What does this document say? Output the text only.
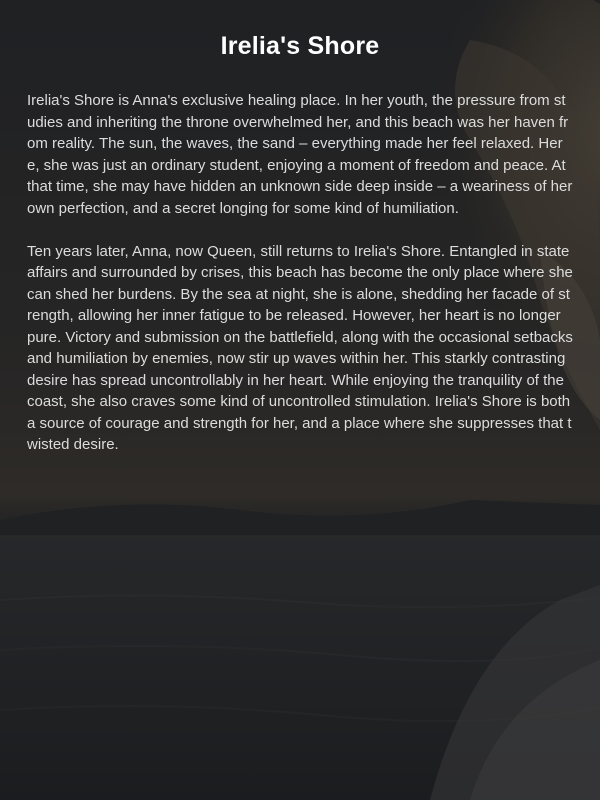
Irelia's Shore

Irelia's Shore is Anna's exclusive healing place. In her youth, the pressure from studies and inheriting the throne overwhelmed her, and this beach was her haven from reality. The sun, the waves, the sand – everything made her feel relaxed. Here, she was just an ordinary student, enjoying a moment of freedom and peace. At that time, she may have hidden an unknown side deep inside – a weariness of her own perfection, and a secret longing for some kind of humiliation.

Ten years later, Anna, now Queen, still returns to Irelia's Shore. Entangled in state affairs and surrounded by crises, this beach has become the only place where she can shed her burdens. By the sea at night, she is alone, shedding her facade of strength, allowing her inner fatigue to be released. However, her heart is no longer pure. Victory and submission on the battlefield, along with the occasional setbacks and humiliation by enemies, now stir up waves within her. This starkly contrasting desire has spread uncontrollably in her heart. While enjoying the tranquility of the coast, she also craves some kind of uncontrolled stimulation. Irelia's Shore is both a source of courage and strength for her, and a place where she suppresses that twisted desire.
